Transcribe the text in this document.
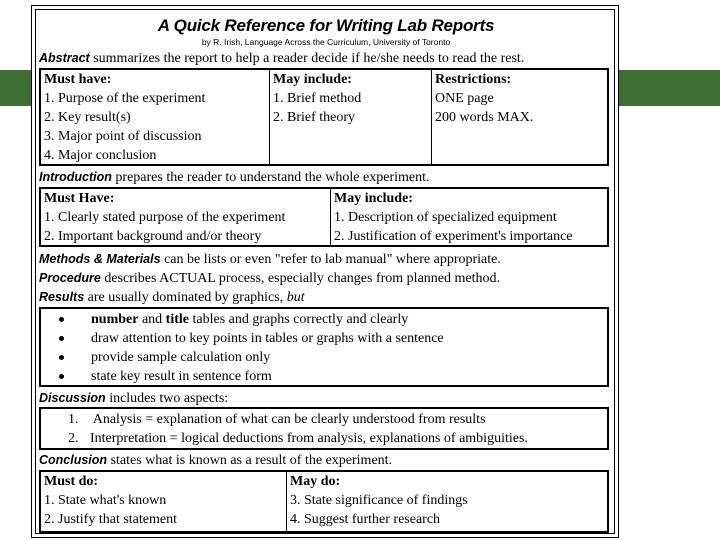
A Quick Reference for Writing Lab Reports
by R. Irish, Language Across the Curriculum, University of Toronto
Abstract summarizes the report to help a reader decide if he/she needs to read the rest.
Must have:
1. Purpose of the experiment
2. Key result(s)
3. Major point of discussion
4. Major conclusion
May include:
1. Brief method
2. Brief theory
Restrictions:
ONE page
200 words MAX.
Introduction prepares the reader to understand the whole experiment.
Must Have:
1. Clearly stated purpose of the experiment
2. Important background and/or theory
May include:
1. Description of specialized equipment
2. Justification of experiment's importance
Methods & Materials can be lists or even "refer to lab manual" where appropriate.
Procedure describes ACTUAL process, especially changes from planned method.
Results are usually dominated by graphics, but
number and title tables and graphs correctly and clearly
draw attention to key points in tables or graphs with a sentence
provide sample calculation only
state key result in sentence form
Discussion includes two aspects:
1. Analysis = explanation of what can be clearly understood from results
2. Interpretation = logical deductions from analysis, explanations of ambiguities.
Conclusion states what is known as a result of the experiment.
Must do:
1. State what's known
2. Justify that statement
May do:
3. State significance of findings
4. Suggest further research
